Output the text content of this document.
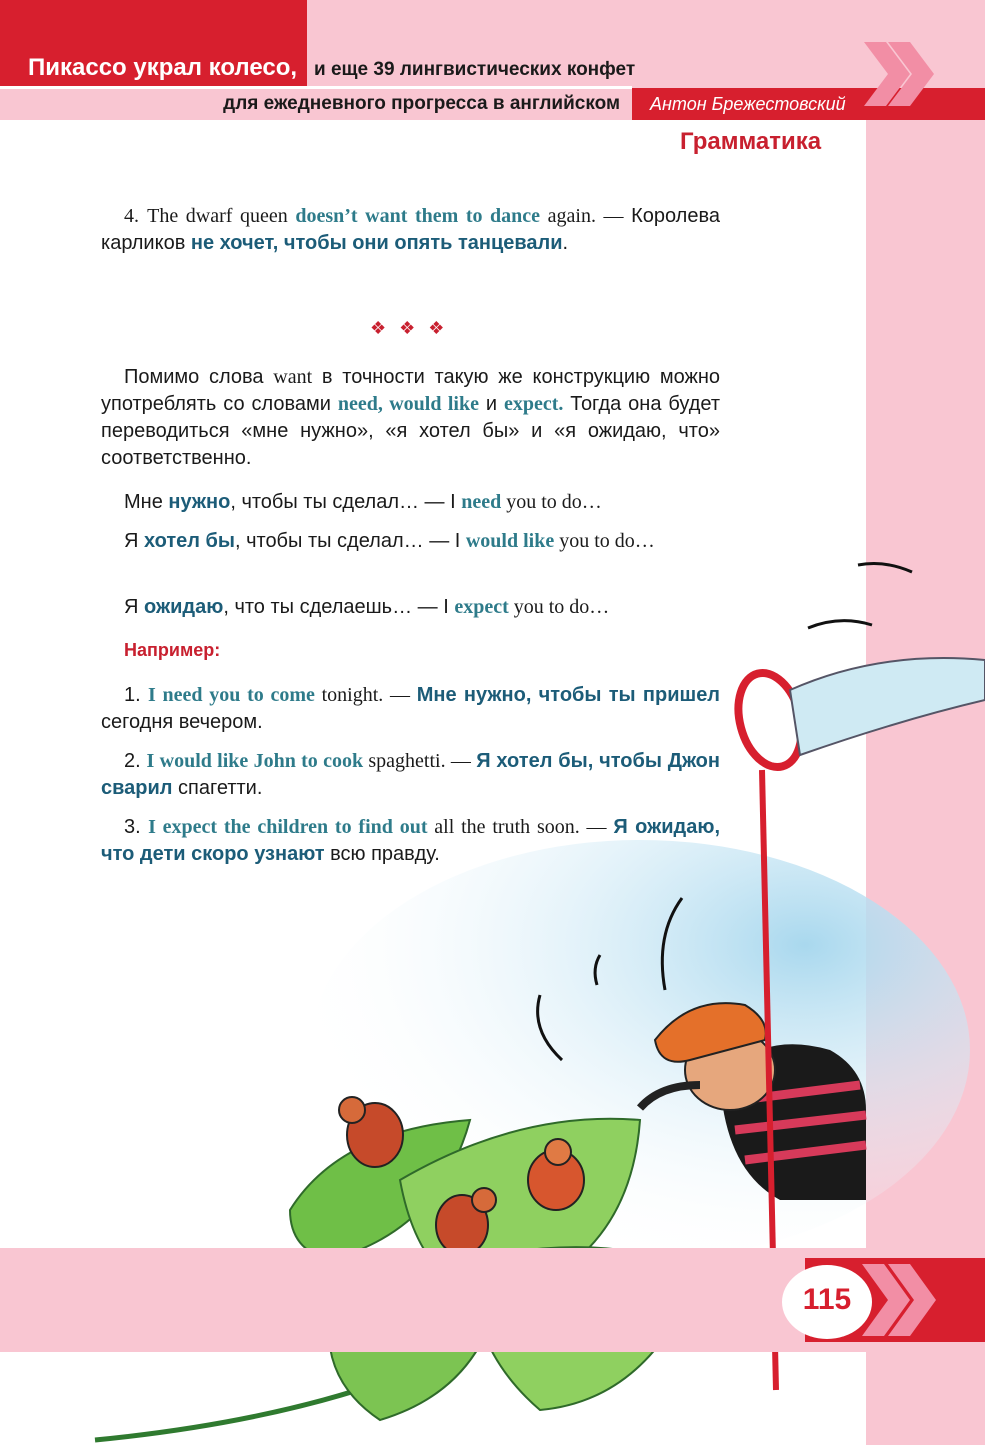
Пикассо украл колесо, и еще 39 лингвистических конфет
для ежедневного прогресса в английском Антон Брежестовский
Грамматика
4. The dwarf queen doesn’t want them to dance again. — Королева карликов не хочет, чтобы они опять танцевали.
❖ ❖ ❖
Помимо слова want в точности такую же конструкцию можно употреблять со словами need, would like и expect. Тогда она будет переводиться «мне нужно», «я хотел бы» и «я ожидаю, что» соответственно.
Мне нужно, чтобы ты сделал… — I need you to do…
Я хотел бы, чтобы ты сделал… — I would like you to do…
Я ожидаю, что ты сделаешь… — I expect you to do…
Например:
1. I need you to come tonight. — Мне нужно, чтобы ты пришел сегодня вечером.
2. I would like John to cook spaghetti. — Я хотел бы, чтобы Джон сварил спагетти.
3. I expect the children to find out all the truth soon. — Я ожидаю, что дети скоро узнают всю правду.
115
